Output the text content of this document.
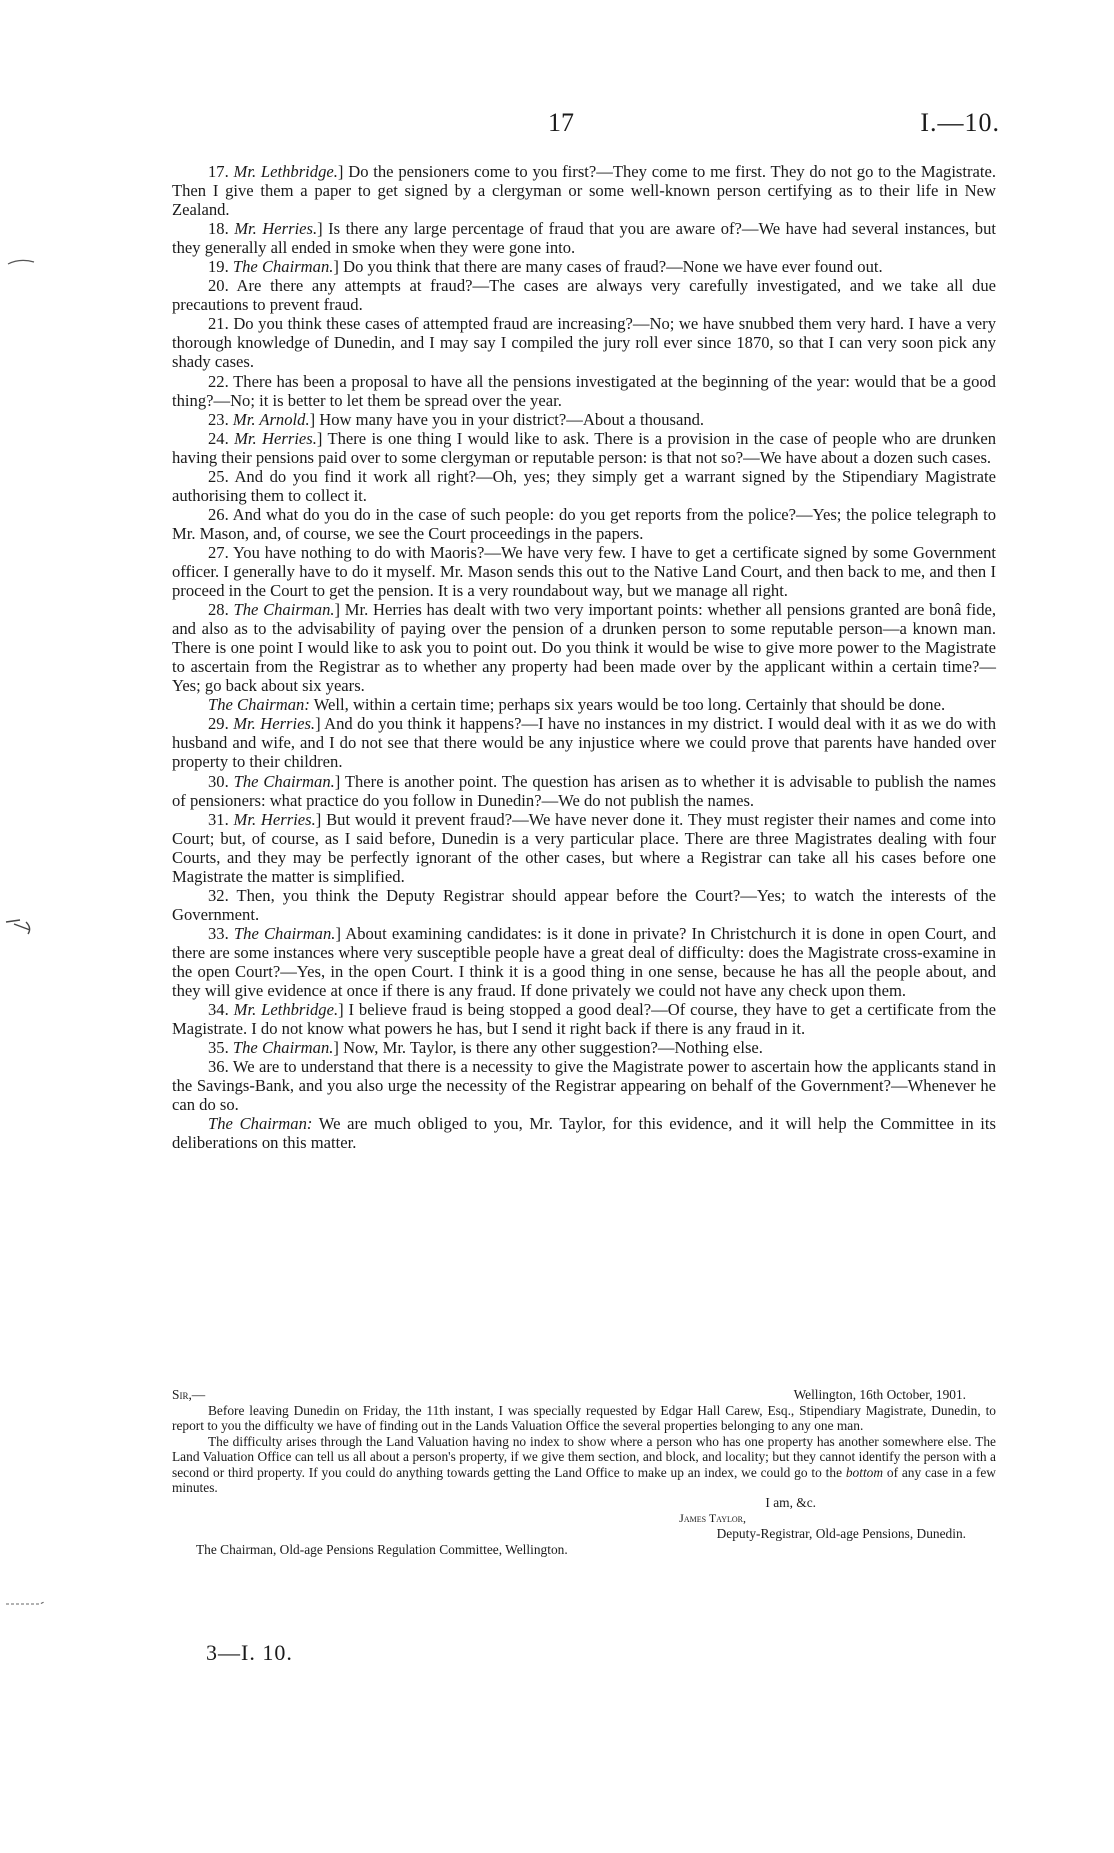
17	I.—10.

17. Mr. Lethbridge.] Do the pensioners come to you first?—They come to me first. They do not go to the Magistrate. Then I give them a paper to get signed by a clergyman or some well-known person certifying as to their life in New Zealand.

18. Mr. Herries.] Is there any large percentage of fraud that you are aware of?—We have had several instances, but they generally all ended in smoke when they were gone into.

19. The Chairman.] Do you think that there are many cases of fraud?—None we have ever found out.

20. Are there any attempts at fraud?—The cases are always very carefully investigated, and we take all due precautions to prevent fraud.

21. Do you think these cases of attempted fraud are increasing?—No; we have snubbed them very hard. I have a very thorough knowledge of Dunedin, and I may say I compiled the jury roll ever since 1870, so that I can very soon pick any shady cases.

22. There has been a proposal to have all the pensions investigated at the beginning of the year: would that be a good thing?—No; it is better to let them be spread over the year.

23. Mr. Arnold.] How many have you in your district?—About a thousand.

24. Mr. Herries.] There is one thing I would like to ask. There is a provision in the case of people who are drunken having their pensions paid over to some clergyman or reputable person: is that not so?—We have about a dozen such cases.

25. And do you find it work all right?—Oh, yes; they simply get a warrant signed by the Stipendiary Magistrate authorising them to collect it.

26. And what do you do in the case of such people: do you get reports from the police?—Yes; the police telegraph to Mr. Mason, and, of course, we see the Court proceedings in the papers.

27. You have nothing to do with Maoris?—We have very few. I have to get a certificate signed by some Government officer. I generally have to do it myself. Mr. Mason sends this out to the Native Land Court, and then back to me, and then I proceed in the Court to get the pension. It is a very roundabout way, but we manage all right.

28. The Chairman.] Mr. Herries has dealt with two very important points: whether all pensions granted are bonâ fide, and also as to the advisability of paying over the pension of a drunken person to some reputable person—a known man. There is one point I would like to ask you to point out. Do you think it would be wise to give more power to the Magistrate to ascertain from the Registrar as to whether any property had been made over by the applicant within a certain time?—Yes; go back about six years.

The Chairman: Well, within a certain time; perhaps six years would be too long. Certainly that should be done.

29. Mr. Herries.] And do you think it happens?—I have no instances in my district. I would deal with it as we do with husband and wife, and I do not see that there would be any injustice where we could prove that parents have handed over property to their children.

30. The Chairman.] There is another point. The question has arisen as to whether it is advisable to publish the names of pensioners: what practice do you follow in Dunedin?—We do not publish the names.

31. Mr. Herries.] But would it prevent fraud?—We have never done it. They must register their names and come into Court; but, of course, as I said before, Dunedin is a very particular place. There are three Magistrates dealing with four Courts, and they may be perfectly ignorant of the other cases, but where a Registrar can take all his cases before one Magistrate the matter is simplified.

32. Then, you think the Deputy Registrar should appear before the Court?—Yes; to watch the interests of the Government.

33. The Chairman.] About examining candidates: is it done in private? In Christchurch it is done in open Court, and there are some instances where very susceptible people have a great deal of difficulty: does the Magistrate cross-examine in the open Court?—Yes, in the open Court. I think it is a good thing in one sense, because he has all the people about, and they will give evidence at once if there is any fraud. If done privately we could not have any check upon them.

34. Mr. Lethbridge.] I believe fraud is being stopped a good deal?—Of course, they have to get a certificate from the Magistrate. I do not know what powers he has, but I send it right back if there is any fraud in it.

35. The Chairman.] Now, Mr. Taylor, is there any other suggestion?—Nothing else.

36. We are to understand that there is a necessity to give the Magistrate power to ascertain how the applicants stand in the Savings-Bank, and you also urge the necessity of the Registrar appearing on behalf of the Government?—Whenever he can do so.

The Chairman: We are much obliged to you, Mr. Taylor, for this evidence, and it will help the Committee in its deliberations on this matter.

Sir,—	Wellington, 16th October, 1901.

Before leaving Dunedin on Friday, the 11th instant, I was specially requested by Edgar Hall Carew, Esq., Stipendiary Magistrate, Dunedin, to report to you the difficulty we have of finding out in the Lands Valuation Office the several properties belonging to any one man.

The difficulty arises through the Land Valuation having no index to show where a person who has one property has another somewhere else. The Land Valuation Office can tell us all about a person's property, if we give them section, and block, and locality; but they cannot identify the person with a second or third property. If you could do anything towards getting the Land Office to make up an index, we could go to the bottom of any case in a few minutes.

I am, &c.

James Taylor,

Deputy-Registrar, Old-age Pensions, Dunedin.

The Chairman, Old-age Pensions Regulation Committee, Wellington.

3—I. 10.
